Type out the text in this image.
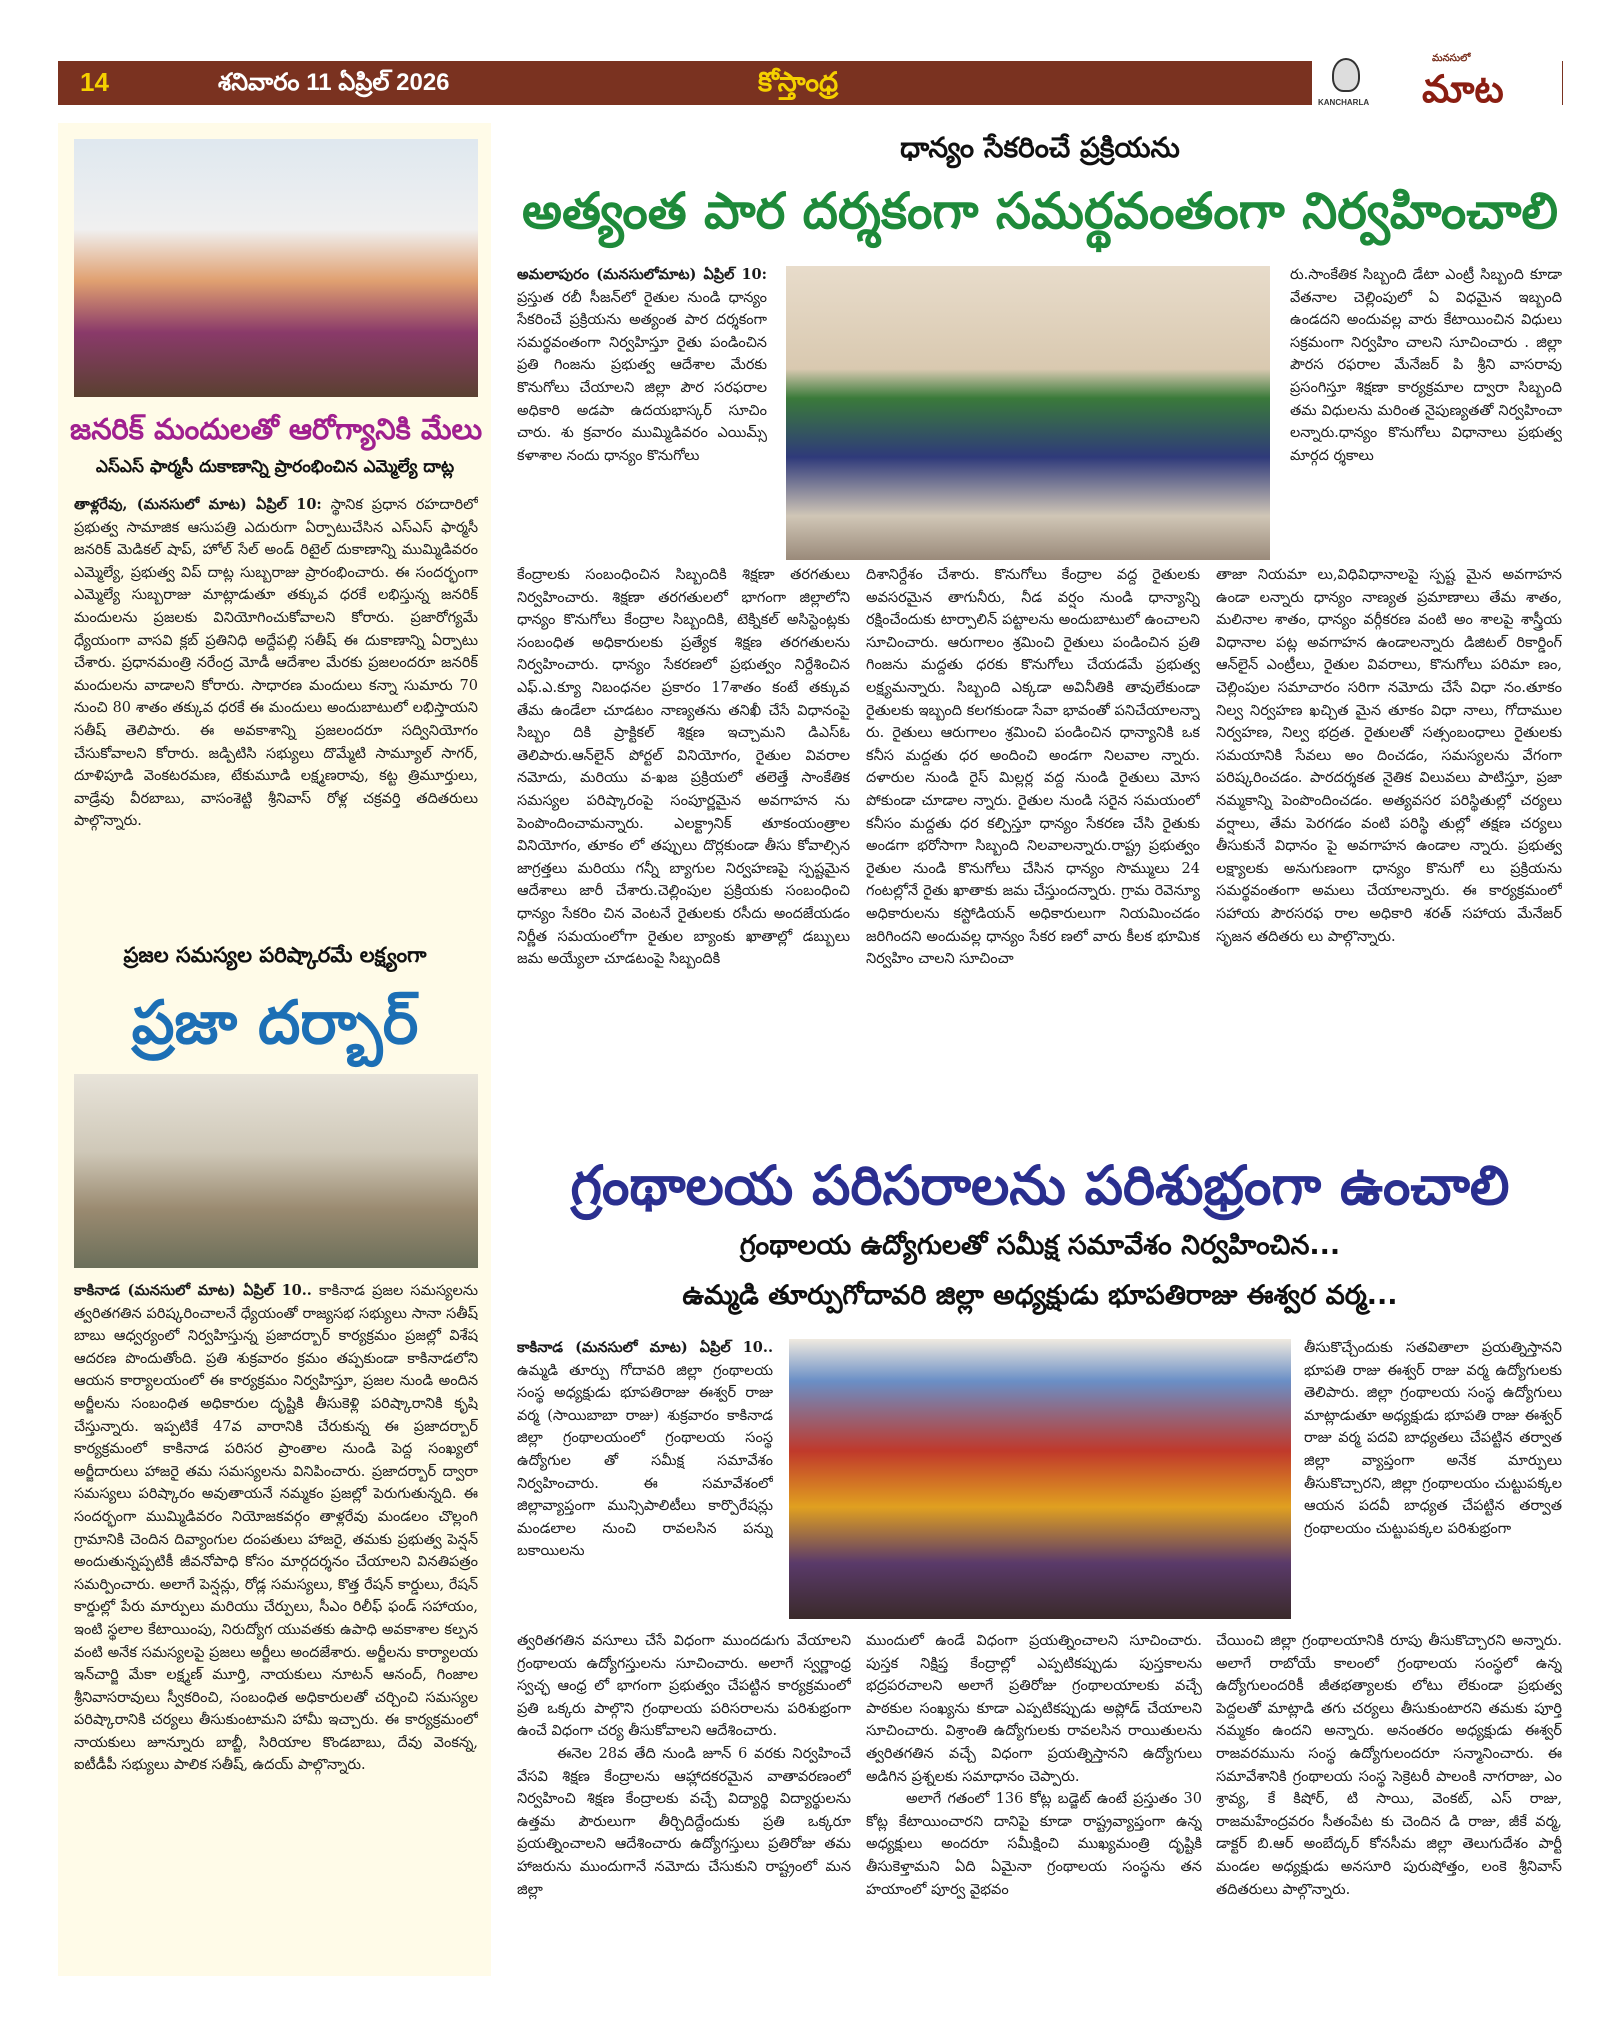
14	శనివారం 11 ఏప్రిల్ 2026	కోస్తాంధ్ర
KANCHARLA
మనసులో
మాట
జనరిక్ మందులతో ఆరోగ్యానికి మేలు
ఎస్ఎస్ ఫార్మసీ దుకాణాన్ని ప్రారంభించిన ఎమ్మెల్యే దాట్ల
తాళ్లరేవు, (మనసులో మాట) ఏప్రిల్ 10: స్థానిక ప్రధాన రహదారిలో ప్రభుత్వ సామాజిక ఆసుపత్రి ఎదురుగా ఏర్పాటుచేసిన ఎస్ఎస్ ఫార్మసీ జనరిక్ మెడికల్ షాప్, హోల్ సేల్ అండ్ రిటైల్ దుకాణాన్ని ముమ్మిడివరం ఎమ్మెల్యే, ప్రభుత్వ విప్ దాట్ల సుబ్బరాజు ప్రారంభించారు. ఈ సందర్భంగా ఎమ్మెల్యే సుబ్బరాజు మాట్లాడుతూ తక్కువ ధరకే లభిస్తున్న జనరిక్ మందులను ప్రజలకు వినియోగించుకోవాలని కోరారు. ప్రజారోగ్యమే ధ్యేయంగా వాసవి క్లబ్ ప్రతినిధి అద్దేపల్లి సతీష్ ఈ దుకాణాన్ని ఏర్పాటు చేశారు. ప్రధానమంత్రి నరేంద్ర మోడీ ఆదేశాల మేరకు ప్రజలందరూ జనరిక్ మందులను వాడాలని కోరారు. సాధారణ మందులు కన్నా సుమారు 70 నుంచి 80 శాతం తక్కువ ధరకే ఈ మందులు అందుబాటులో లభిస్తాయని సతీష్ తెలిపారు. ఈ అవకాశాన్ని ప్రజలందరూ సద్వినియోగం చేసుకోవాలని కోరారు. జడ్పిటిసి సభ్యులు దొమ్మేటి సామ్యూల్ సాగర్, దూళిపూడి వెంకటరమణ, టేకుమూడి లక్ష్మణరావు, కట్ట త్రిమూర్తులు, వాడ్రేవు వీరబాబు, వాసంశెట్టి శ్రీనివాస్ రోళ్ల చక్రవర్తి తదితరులు పాల్గొన్నారు.
ప్రజల సమస్యల పరిష్కారమే లక్ష్యంగా
ప్రజా దర్బార్
కాకినాడ (మనసులో మాట) ఏప్రిల్ 10.. కాకినాడ ప్రజల సమస్యలను త్వరితగతిన పరిష్కరించాలనే ధ్యేయంతో రాజ్యసభ సభ్యులు సానా సతీష్ బాబు ఆధ్వర్యంలో నిర్వహిస్తున్న ప్రజాదర్బార్ కార్యక్రమం ప్రజల్లో విశేష ఆదరణ పొందుతోంది. ప్రతి శుక్రవారం క్రమం తప్పకుండా కాకినాడలోని ఆయన కార్యాలయంలో ఈ కార్యక్రమం నిర్వహిస్తూ, ప్రజల నుండి అందిన అర్జీలను సంబంధిత అధికారుల దృష్టికి తీసుకెళ్లి పరిష్కారానికి కృషి చేస్తున్నారు. ఇప్పటికే 47వ వారానికి చేరుకున్న ఈ ప్రజాదర్బార్ కార్యక్రమంలో కాకినాడ పరిసర ప్రాంతాల నుండి పెద్ద సంఖ్యలో అర్జీదారులు హాజరై తమ సమస్యలను వినిపించారు. ప్రజాదర్బార్ ద్వారా సమస్యలు పరిష్కారం అవుతాయనే నమ్మకం ప్రజల్లో పెరుగుతున్నది. ఈ సందర్భంగా ముమ్మిడివరం నియోజకవర్గం తాళ్లరేవు మండలం చొల్లంగి గ్రామానికి చెందిన దివ్యాంగుల దంపతులు హాజరై, తమకు ప్రభుత్వ పెన్షన్ అందుతున్నప్పటికీ జీవనోపాధి కోసం మార్గదర్శనం చేయాలని వినతిపత్రం సమర్పించారు. అలాగే పెన్షన్లు, రోడ్ల సమస్యలు, కొత్త రేషన్ కార్డులు, రేషన్ కార్డుల్లో పేరు మార్పులు మరియు చేర్పులు, సీఎం రిలీఫ్ ఫండ్ సహాయం, ఇంటి స్థలాల కేటాయింపు, నిరుద్యోగ యువతకు ఉపాధి అవకాశాల కల్పన వంటి అనేక సమస్యలపై ప్రజలు అర్జీలు అందజేశారు. అర్జీలను కార్యాలయ ఇన్‌చార్జి మేకా లక్ష్మణ్ మూర్తి, నాయకులు నూటన్ ఆనంద్, గింజాల శ్రీనివాసరావులు స్వీకరించి, సంబంధిత అధికారులతో చర్చించి సమస్యల పరిష్కారానికి చర్యలు తీసుకుంటామని హామీ ఇచ్చారు. ఈ కార్యక్రమంలో నాయకులు జూన్నూరు బాబ్జీ, సిరియాల కొండబాబు, దేవు వెంకన్న, ఐటీడీపీ సభ్యులు పాలిక సతీష్, ఉదయ్ పాల్గొన్నారు.
ధాన్యం సేకరించే ప్రక్రియను
అత్యంత పార దర్శకంగా సమర్థవంతంగా నిర్వహించాలి
అమలాపురం (మనసులోమాట) ఏప్రిల్ 10: ప్రస్తుత రబీ సీజన్‌లో రైతుల నుండి ధాన్యం సేకరించే ప్రక్రియను అత్యంత పార దర్శకంగా సమర్థవంతంగా నిర్వహిస్తూ రైతు పండించిన ప్రతి గింజను ప్రభుత్వ ఆదేశాల మేరకు కొనుగోలు చేయాలని జిల్లా పౌర సరఫరాల అధికారి అడపా ఉదయభాస్కర్ సూచిం చారు. శు క్రవారం ముమ్మిడివరం ఎయిమ్స్ కళాశాల నందు ధాన్యం కొనుగోలు
కేంద్రాలకు సంబంధించిన సిబ్బందికి శిక్షణా తరగతులు నిర్వహించారు. శిక్షణా తరగతులలో భాగంగా జిల్లాలోని ధాన్యం కొనుగోలు కేంద్రాల సిబ్బందికి, టెక్నికల్ అసిస్టెంట్లకు సంబంధిత అధికారులకు ప్రత్యేక శిక్షణ తరగతులను నిర్వహించారు. ధాన్యం సేకరణలో ప్రభుత్వం నిర్దేశించిన ఎఫ్.ఎ.క్యూ నిబంధనల ప్రకారం 17శాతం కంటే తక్కువ తేమ ఉండేలా చూడటం నాణ్యతను తనిఖీ చేసే విధానంపై సిబ్బం దికి ప్రాక్టికల్ శిక్షణ ఇచ్చామని డిఎస్ఓ తెలిపారు.ఆన్‌లైన్ పోర్టల్ వినియోగం, రైతుల వివరాల నమోదు, మరియు వ-ఖజ ప్రక్రియలో తలెత్తే సాంకేతిక సమస్యల పరిష్కారంపై సంపూర్ణమైన అవగాహన ను పెంపొందించామన్నారు. ఎలక్ట్రానిక్ తూకంయంత్రాల వినియోగం, తూకం లో తప్పులు దొర్లకుండా తీసు కోవాల్సిన జాగ్రత్తలు మరియు గన్నీ బ్యాగుల నిర్వహణపై స్పష్టమైన ఆదేశాలు జారీ చేశారు.చెల్లింపుల ప్రక్రియకు సంబంధించి ధాన్యం సేకరిం చిన వెంటనే రైతులకు రసీదు అందజేయడం నిర్ణీత సమయంలోగా రైతుల బ్యాంకు ఖాతాల్లో డబ్బులు జమ అయ్యేలా చూడటంపై సిబ్బందికి
దిశానిర్దేశం చేశారు. కొనుగోలు కేంద్రాల వద్ద రైతులకు అవసరమైన తాగునీరు, నీడ వర్షం నుండి ధాన్యాన్ని రక్షించేందుకు టార్పాలిన్ పట్టాలను అందుబాటులో ఉంచాలని సూచించారు. ఆరుగాలం శ్రమించి రైతులు పండించిన ప్రతి గింజను మద్దతు ధరకు కొనుగోలు చేయడమే ప్రభుత్వ లక్ష్యమన్నారు. సిబ్బంది ఎక్కడా అవినీతికి తావులేకుండా రైతులకు ఇబ్బంది కలగకుండా సేవా భావంతో పనిచేయాలన్నా రు. రైతులు ఆరుగాలం శ్రమించి పండించిన ధాన్యానికి ఒక కనీస మద్దతు ధర అందించి అండగా నిలవాల న్నారు. దళారుల నుండి రైస్ మిల్లర్ల వద్ద నుండి రైతులు మోస పోకుండా చూడాల న్నారు. రైతుల నుండి సరైన సమయంలో కనీసం మద్దతు ధర కల్పిస్తూ ధాన్యం సేకరణ చేసి రైతుకు అండగా భరోసాగా సిబ్బంది నిలవాలన్నారు.రాష్ట్ర ప్రభుత్వం రైతుల నుండి కొనుగోలు చేసిన ధాన్యం సొమ్ములు 24 గంటల్లోనే రైతు ఖాతాకు జమ చేస్తుందన్నారు. గ్రామ రెవెన్యూ అధికారులను కస్టోడియన్ అధికారులుగా నియమించడం జరిగిందని అందువల్ల ధాన్యం సేకర ణలో వారు కీలక భూమిక నిర్వహిం చాలని సూచించా
రు.సాంకేతిక సిబ్బంది డేటా ఎంట్రీ సిబ్బంది కూడా వేతనాల చెల్లింపులో ఏ విధమైన ఇబ్బంది ఉండదని అందువల్ల వారు కేటాయించిన విధులు సక్రమంగా నిర్వహిం చాలని సూచించారు . జిల్లా పౌరస రఫరాల మేనేజర్ పి శ్రీని వాసరావు ప్రసంగిస్తూ శిక్షణా కార్యక్రమాల ద్వారా సిబ్బంది తమ విధులను మరింత నైపుణ్యతతో నిర్వహించా లన్నారు.ధాన్యం కొనుగోలు విధానాలు ప్రభుత్వ మార్గద ర్శకాలు
తాజా నియమా లు,విధివిధానాలపై స్పష్ట మైన అవగాహన ఉండా లన్నారు ధాన్యం నాణ్యత ప్రమాణాలు తేమ శాతం, మలినాల శాతం, ధాన్యం వర్గీకరణ వంటి అం శాలపై శాస్త్రీయ విధానాల పట్ల అవగాహన ఉండాలన్నారు డిజిటల్ రికార్డింగ్ ఆన్‌లైన్ ఎంట్రీలు, రైతుల వివరాలు, కొనుగోలు పరిమా ణం, చెల్లింపుల సమాచారం సరిగా నమోదు చేసే విధా నం.తూకం నిల్వ నిర్వహణ ఖచ్చిత మైన తూకం విధా నాలు, గోదాముల నిర్వహణ, నిల్వ భద్రత. రైతులతో సత్సంబంధాలు రైతులకు సమయానికి సేవలు అం దించడం, సమస్యలను వేగంగా పరిష్కరించడం. పారదర్శకత నైతిక విలువలు పాటిస్తూ, ప్రజా నమ్మకాన్ని పెంపొందించడం. అత్యవసర పరిస్థితుల్లో చర్యలు వర్షాలు, తేమ పెరగడం వంటి పరిస్థి తుల్లో తక్షణ చర్యలు తీసుకునే విధానం పై అవగాహన ఉండాల న్నారు. ప్రభుత్వ లక్ష్యాలకు అనుగుణంగా ధాన్యం కొనుగో లు ప్రక్రియను సమర్థవంతంగా అమలు చేయాలన్నారు. ఈ కార్యక్రమంలో సహాయ పౌరసరఫ రాల అధికారి శరత్ సహాయ మేనేజర్ సృజన తదితరు లు పాల్గొన్నారు.
గ్రంథాలయ పరిసరాలను పరిశుభ్రంగా ఉంచాలి
గ్రంథాలయ ఉద్యోగులతో సమీక్ష సమావేశం నిర్వహించిన...
ఉమ్మడి తూర్పుగోదావరి జిల్లా అధ్యక్షుడు భూపతిరాజు ఈశ్వర వర్మ...
కాకినాడ (మనసులో మాట) ఏప్రిల్ 10.. ఉమ్మడి తూర్పు గోదావరి జిల్లా గ్రంథాలయ సంస్థ అధ్యక్షుడు భూపతిరాజు ఈశ్వర్ రాజు వర్మ (సాయిబాబా రాజు) శుక్రవారం కాకినాడ జిల్లా గ్రంథాలయంలో గ్రంథాలయ సంస్థ ఉద్యోగుల తో సమీక్ష సమావేశం నిర్వహించారు. ఈ సమావేశంలో జిల్లావ్యాప్తంగా మున్సిపాలిటీలు కార్పొరేషన్లు మండలాల నుంచి రావలసిన పన్ను బకాయిలను
త్వరితగతిన వసూలు చేసే విధంగా ముందడుగు వేయాలని గ్రంథాలయ ఉద్యోగస్తులను సూచించారు. అలాగే స్వర్ణాంధ్ర స్వచ్ఛ ఆంధ్ర లో భాగంగా ప్రభుత్వం చేపట్టిన కార్యక్రమంలో ప్రతి ఒక్కరు పాల్గొని గ్రంథాలయ పరిసరాలను పరిశుభ్రంగా ఉంచే విధంగా చర్య తీసుకోవాలని ఆదేశించారు.
ఈనెల 28వ తేది నుండి జూన్ 6 వరకు నిర్వహించే వేసవి శిక్షణ కేంద్రాలను ఆహ్లాదకరమైన వాతావరణంలో నిర్వహించి శిక్షణ కేంద్రాలకు వచ్చే విద్యార్థి విద్యార్థులను ఉత్తమ పౌరులుగా తీర్చిదిద్దేందుకు ప్రతి ఒక్కరూ ప్రయత్నించాలని ఆదేశించారు ఉద్యోగస్తులు ప్రతిరోజు తమ హాజరును ముందుగానే నమోదు చేసుకుని రాష్ట్రంలో మన జిల్లా
ముందులో ఉండే విధంగా ప్రయత్నించాలని సూచించారు. పుస్తక నిక్షిప్త కేంద్రాల్లో ఎప్పటికప్పుడు పుస్తకాలను భద్రపరచాలని అలాగే ప్రతిరోజు గ్రంథాలయాలకు వచ్చే పాఠకుల సంఖ్యను కూడా ఎప్పటికప్పుడు అప్లోడ్ చేయాలని సూచించారు. విశ్రాంతి ఉద్యోగులకు రావలసిన రాయితులను త్వరితగతిన వచ్చే విధంగా ప్రయత్నిస్తానని ఉద్యోగులు అడిగిన ప్రశ్నలకు సమాధానం చెప్పారు.
అలాగే గతంలో 136 కోట్ల బడ్జెట్ ఉంటే ప్రస్తుతం 30 కోట్ల కేటాయించారని దానిపై కూడా రాష్ట్రవ్యాప్తంగా ఉన్న అధ్యక్షులు అందరూ సమీక్షించి ముఖ్యమంత్రి దృష్టికి తీసుకెళ్తామని ఏది ఏమైనా గ్రంథాలయ సంస్థను తన హయాంలో పూర్వ వైభవం
తీసుకొచ్చేందుకు సతవితాలా ప్రయత్నిస్తానని భూపతి రాజు ఈశ్వర్ రాజు వర్మ ఉద్యోగులకు తెలిపారు. జిల్లా గ్రంథాలయ సంస్థ ఉద్యోగులు మాట్లాడుతూ అధ్యక్షుడు భూపతి రాజు ఈశ్వర్ రాజు వర్మ పదవి బాధ్యతలు చేపట్టిన తర్వాత జిల్లా వ్యాప్తంగా అనేక మార్పులు తీసుకొచ్చారని, జిల్లా గ్రంథాలయం చుట్టుపక్కల ఆయన పదవీ బాధ్యత చేపట్టిన తర్వాత గ్రంథాలయం చుట్టుపక్కల పరిశుభ్రంగా
చేయించి జిల్లా గ్రంథాలయానికి రూపు తీసుకొచ్చారని అన్నారు. అలాగే రాబోయే కాలంలో గ్రంథాలయ సంస్థలో ఉన్న ఉద్యోగులందరికీ జీతభత్యాలకు లోటు లేకుండా ప్రభుత్వ పెద్దలతో మాట్లాడి తగు చర్యలు తీసుకుంటారని తమకు పూర్తి నమ్మకం ఉందని అన్నారు. అనంతరం అధ్యక్షుడు ఈశ్వర్ రాజవరమును సంస్థ ఉద్యోగులందరూ సన్మానించారు. ఈ సమావేశానికి గ్రంథాలయ సంస్థ సెక్రెటరీ పాలంకి నాగరాజు, ఎం శ్రావ్య, కే కిషోర్, టి సాయి, వెంకట్, ఎస్ రాజు, రాజమహేంద్రవరం సీతంపేట కు చెందిన డి రాజు, జీకే వర్మ, డాక్టర్ బి.ఆర్ అంబేద్కర్ కోనసీమ జిల్లా తెలుగుదేశం పార్టీ మండల అధ్యక్షుడు అనసూరి పురుషోత్తం, లంకె శ్రీనివాస్ తదితరులు పాల్గొన్నారు.
